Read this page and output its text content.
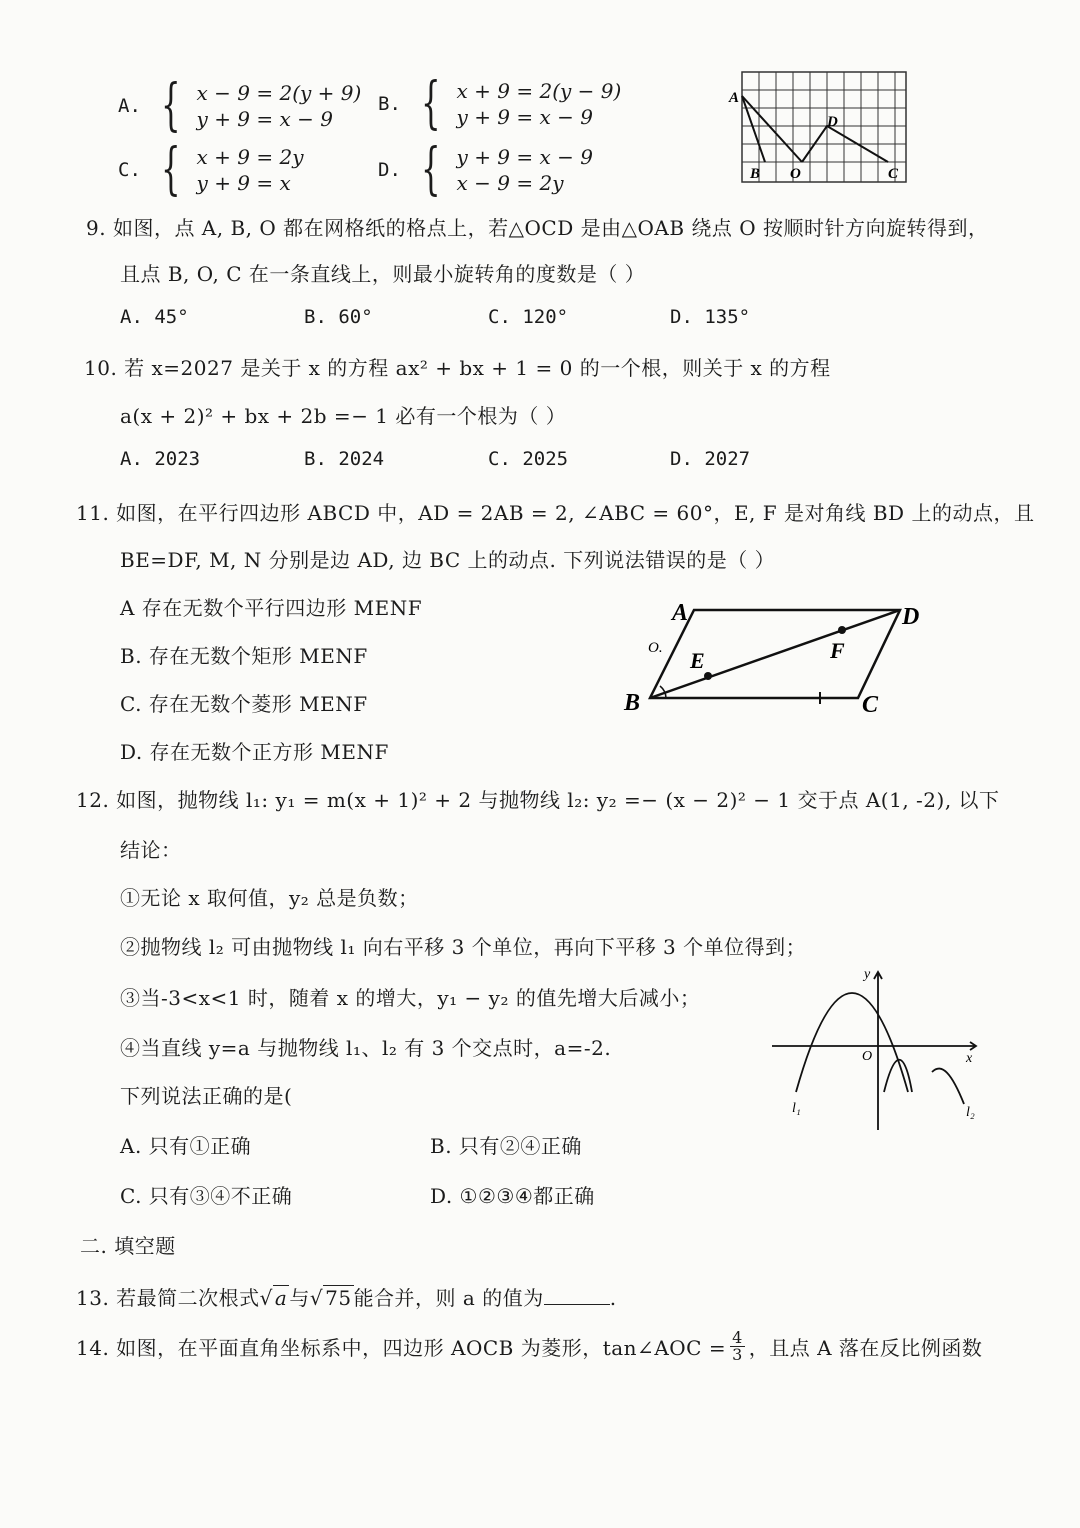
A. { x − 9 = 2(y + 9)
y + 9 = x − 9
B. { x + 9 = 2(y − 9)
y + 9 = x − 9
C. { x + 9 = 2y
y + 9 = x
D. { y + 9 = x − 9
x − 9 = 2y
A
B O
D
C
9. 如图，点 A, B, O 都在网格纸的格点上，若△OCD 是由△OAB 绕点 O 按顺时针方向旋转得到，
且点 B, O, C 在一条直线上，则最小旋转角的度数是（ ）
A. 45°	B. 60°	C. 120°	D. 135°
10. 若 x=2027 是关于 x 的方程 ax² + bx + 1 = 0 的一个根，则关于 x 的方程
a(x + 2)² + bx + 2b =− 1 必有一个根为（ ）
A. 2023	B. 2024	C. 2025	D. 2027
11. 如图，在平行四边形 ABCD 中，AD = 2AB = 2, ∠ABC = 60°，E, F 是对角线 BD 上的动点，且
BE=DF, M, N 分别是边 AD, 边 BC 上的动点. 下列说法错误的是（ ）
A 存在无数个平行四边形 MENF
B. 存在无数个矩形 MENF
C. 存在无数个菱形 MENF
D. 存在无数个正方形 MENF
A	D
B	C
E	F
O.
12. 如图，抛物线 l₁: y₁ = m(x + 1)² + 2 与抛物线 l₂: y₂ =− (x − 2)² − 1 交于点 A(1, -2), 以下
结论：
①无论 x 取何值，y₂ 总是负数；
②抛物线 l₂ 可由抛物线 l₁ 向右平移 3 个单位，再向下平移 3 个单位得到；
③当-3<x<1 时，随着 x 的增大，y₁ − y₂ 的值先增大后减小；
④当直线 y=a 与抛物线 l₁、l₂ 有 3 个交点时，a=-2.
下列说法正确的是(
A. 只有①正确	B. 只有②④正确
C. 只有③④不正确	D. ①②③④都正确
y
x
O
l₁	l₂
二. 填空题
13. 若最简二次根式√ a 与√ 75 能合并，则 a 的值为	.
14. 如图，在平面直角坐标系中，四边形 AOCB 为菱形，tan∠AOC = $\frac{4}{3}$ ，且点 A 落在反比例函数
